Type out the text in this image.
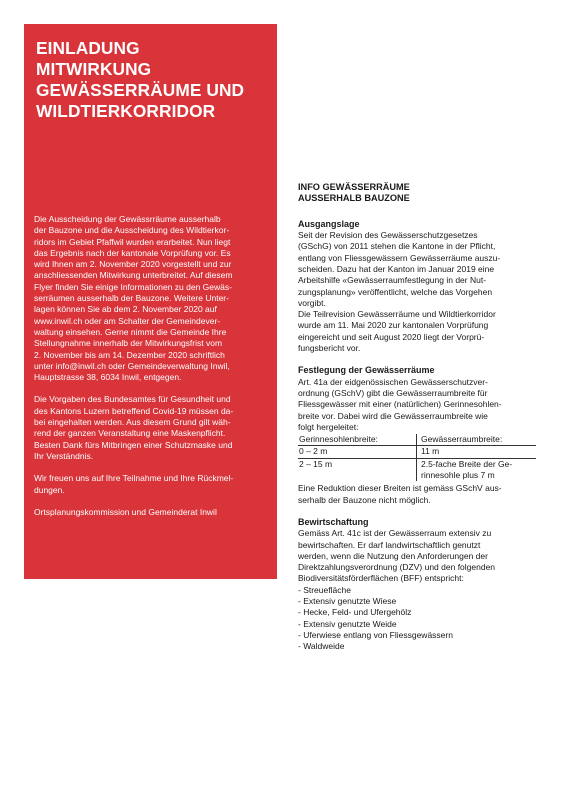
EINLADUNG
MITWIRKUNG
GEWÄSSERRÄUME UND
WILDTIERKORRIDOR

Die Ausscheidung der Gewässrräume ausserhalb
der Bauzone und die Ausscheidung des Wildtierkor-
ridors im Gebiet Pfaffwil wurden erarbeitet. Nun liegt
das Ergebnis nach der kantonale Vorprüfung vor. Es
wird Ihnen am 2. November 2020 vorgestellt und zur
anschliessenden Mitwirkung unterbreitet. Auf diesem
Flyer finden Sie einige Informationen zu den Gewäs-
serräumen ausserhalb der Bauzone. Weitere Unter-
lagen können Sie ab dem 2. November 2020 auf
www.inwil.ch oder am Schalter der Gemeindever-
waltung einsehen. Gerne nimmt die Gemeinde Ihre
Stellungnahme innerhalb der Mitwirkungsfrist vom
2. November bis am 14. Dezember 2020 schriftlich
unter info@inwil.ch oder Gemeindeverwaltung Inwil,
Hauptstrasse 38, 6034 Inwil, entgegen.

Die Vorgaben des Bundesamtes für Gesundheit und
des Kantons Luzern betreffend Covid-19 müssen da-
bei eingehalten werden. Aus diesem Grund gilt wäh-
rend der ganzen Veranstaltung eine Maskenpflicht.
Besten Dank fürs Mitbringen einer Schutzmaske und
Ihr Verständnis.

Wir freuen uns auf Ihre Teilnahme und Ihre Rückmel-
dungen.

Ortsplanungskommission und Gemeinderat Inwil

INFO GEWÄSSERRÄUME
AUSSERHALB BAUZONE
Ausgangslage
Seit der Revision des Gewässerschutzgesetzes
(GSchG) von 2011 stehen die Kantone in der Pflicht,
entlang von Fliessgewässern Gewässerräume auszu-
scheiden. Dazu hat der Kanton im Januar 2019 eine
Arbeitshilfe «Gewässerraumfestlegung in der Nut-
zungsplanung» veröffentlicht, welche das Vorgehen
vorgibt.
Die Teilrevision Gewässerräume und Wildtierkorridor
wurde am 11. Mai 2020 zur kantonalen Vorprüfung
eingereicht und seit August 2020 liegt der Vorprü-
fungsbericht vor.
Festlegung der Gewässerräume
Art. 41a der eidgenössischen Gewässerschutzver-
ordnung (GSchV) gibt die Gewässerraumbreite für
Fliessgewässer mit einer (natürlichen) Gerinnesohlen-
breite vor. Dabei wird die Gewässerraumbreite wie
folgt hergeleitet:
Gerinnesohlenbreite:	Gewässerraumbreite:
0 – 2 m	11 m
2 – 15 m	2.5-fache Breite der Ge-
rinnesohle plus 7 m
Eine Reduktion dieser Breiten ist gemäss GSchV aus-
serhalb der Bauzone nicht möglich.
Bewirtschaftung
Gemäss Art. 41c ist der Gewässerraum extensiv zu
bewirtschaften. Er darf landwirtschaftlich genutzt
werden, wenn die Nutzung den Anforderungen der
Direktzahlungsverordnung (DZV) und den folgenden
Biodiversitätsförderflächen (BFF) entspricht:
- Streuefläche
- Extensiv genutzte Wiese
- Hecke, Feld- und Ufergehölz
- Extensiv genutzte Weide
- Uferwiese entlang von Fliessgewässern
- Waldweide
